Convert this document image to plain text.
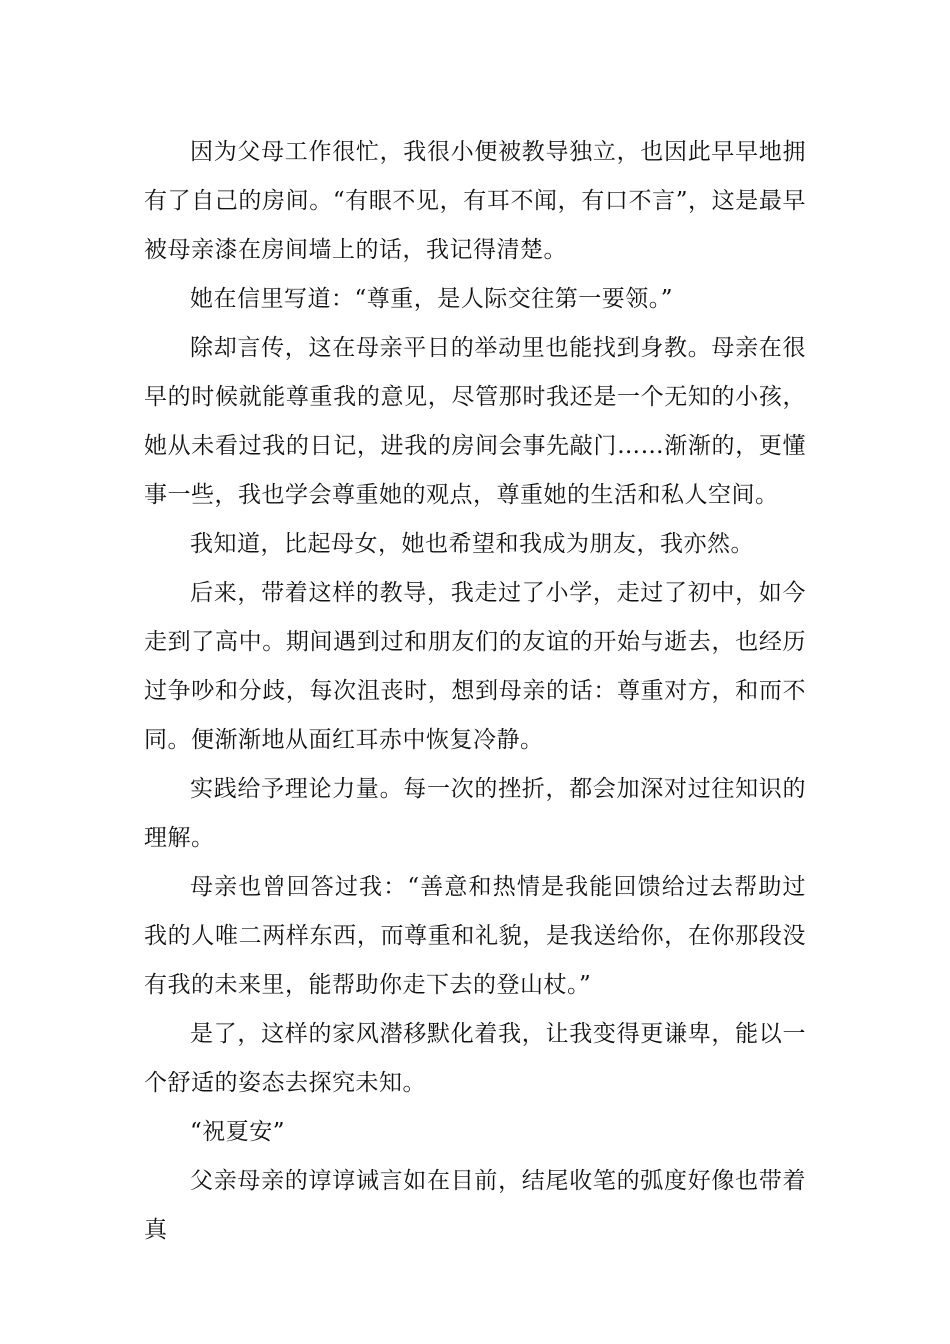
因为父母工作很忙，我很小便被教导独立，也因此早早地拥有了自己的房间。“有眼不见，有耳不闻，有口不言”，这是最早被母亲漆在房间墙上的话，我记得清楚。

她在信里写道：“尊重，是人际交往第一要领。”

除却言传，这在母亲平日的举动里也能找到身教。母亲在很早的时候就能尊重我的意见，尽管那时我还是一个无知的小孩，她从未看过我的日记，进我的房间会事先敲门……渐渐的，更懂事一些，我也学会尊重她的观点，尊重她的生活和私人空间。

我知道，比起母女，她也希望和我成为朋友，我亦然。

后来，带着这样的教导，我走过了小学，走过了初中，如今走到了高中。期间遇到过和朋友们的友谊的开始与逝去，也经历过争吵和分歧，每次沮丧时，想到母亲的话：尊重对方，和而不同。便渐渐地从面红耳赤中恢复冷静。

实践给予理论力量。每一次的挫折，都会加深对过往知识的理解。

母亲也曾回答过我：“善意和热情是我能回馈给过去帮助过我的人唯二两样东西，而尊重和礼貌，是我送给你，在你那段没有我的未来里，能帮助你走下去的登山杖。”

是了，这样的家风潜移默化着我，让我变得更谦卑，能以一个舒适的姿态去探究未知。

“祝夏安”

父亲母亲的谆谆诫言如在目前，结尾收笔的弧度好像也带着真
